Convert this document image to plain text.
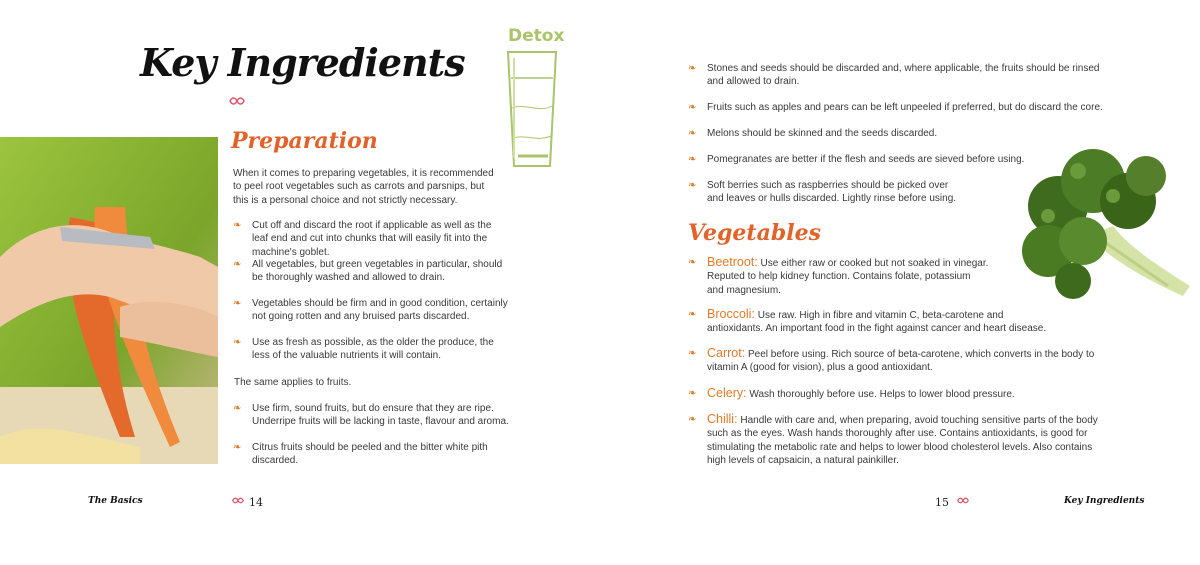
Key Ingredients
Preparation
When it comes to preparing vegetables, it is recommended to peel root vegetables such as carrots and parsnips, but this is a personal choice and not strictly necessary.
❧ Cut off and discard the root if applicable as well as the leaf end and cut into chunks that will easily fit into the machine's goblet.
❧ All vegetables, but green vegetables in particular, should be thoroughly washed and allowed to drain.
❧ Vegetables should be firm and in good condition, certainly not going rotten and any bruised parts discarded.
❧ Use as fresh as possible, as the older the produce, the less of the valuable nutrients it will contain.
The same applies to fruits.
❧ Use firm, sound fruits, but do ensure that they are ripe. Underripe fruits will be lacking in taste, flavour and aroma.
❧ Citrus fruits should be peeled and the bitter white pith discarded.
Detox
❧ Stones and seeds should be discarded and, where applicable, the fruits should be rinsed and allowed to drain.
❧ Fruits such as apples and pears can be left unpeeled if preferred, but do discard the core.
❧ Melons should be skinned and the seeds discarded.
❧ Pomegranates are better if the flesh and seeds are sieved before using.
❧ Soft berries such as raspberries should be picked over and leaves or hulls discarded. Lightly rinse before using.
Vegetables
❧ Beetroot: Use either raw or cooked but not soaked in vinegar. Reputed to help kidney function. Contains folate, potassium and magnesium.
❧ Broccoli: Use raw. High in fibre and vitamin C, beta-carotene and antioxidants. An important food in the fight against cancer and heart disease.
❧ Carrot: Peel before using. Rich source of beta-carotene, which converts in the body to vitamin A (good for vision), plus a good antioxidant.
❧ Celery: Wash thoroughly before use. Helps to lower blood pressure.
❧ Chilli: Handle with care and, when preparing, avoid touching sensitive parts of the body such as the eyes. Wash hands thoroughly after use. Contains antioxidants, is good for stimulating the metabolic rate and helps to lower blood cholesterol levels. Also contains high levels of capsaicin, a natural painkiller.
The Basics	14	15	Key Ingredients
